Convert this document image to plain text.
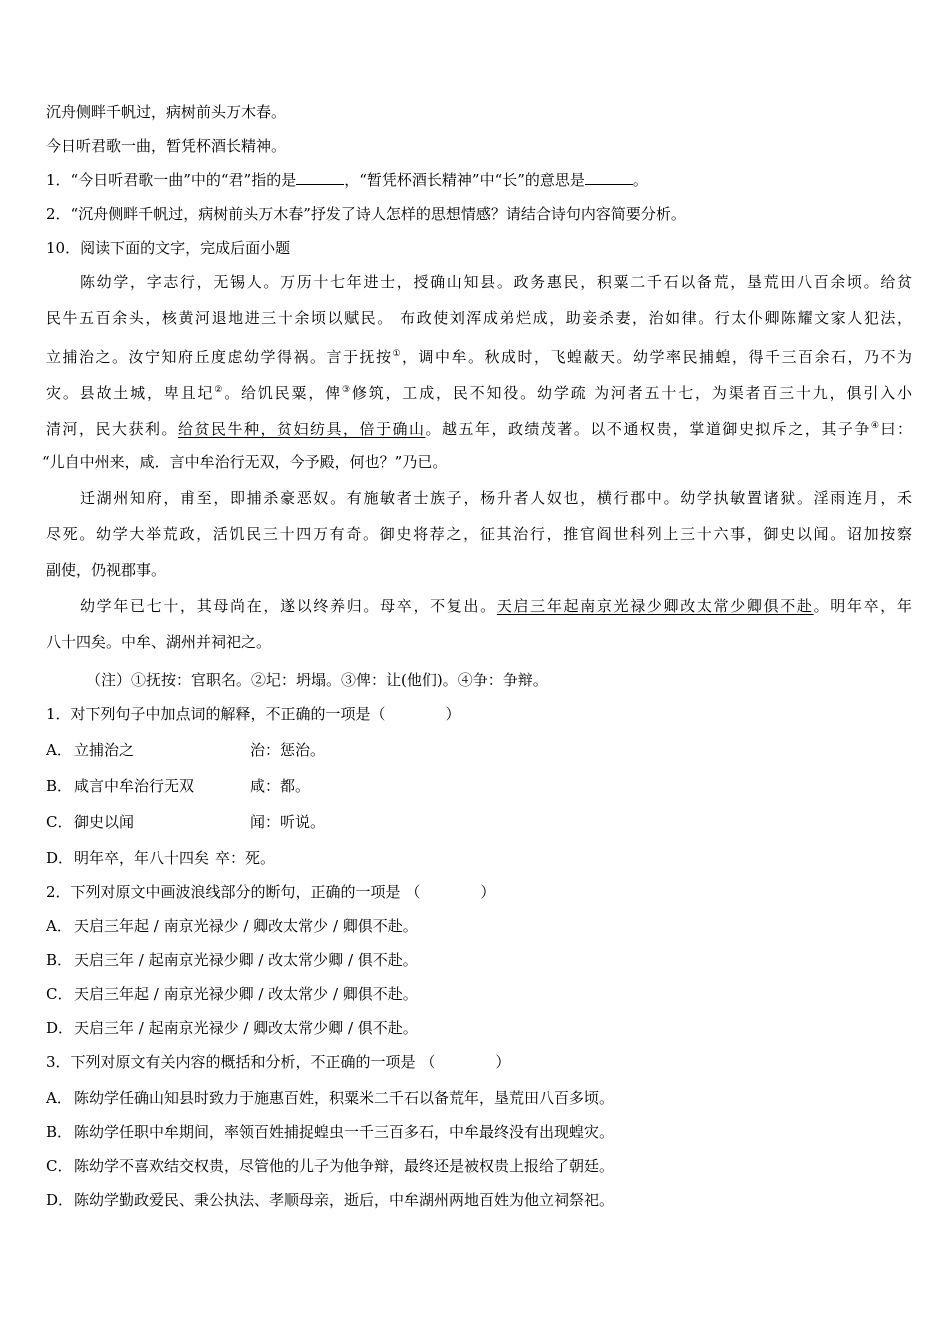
沉舟侧畔千帆过，病树前头万木春。
今日听君歌一曲，暂凭杯酒长精神。
1．“今日听君歌一曲”中的“君”指的是	，“暂凭杯酒长精神”中“长”的意思是	。
2．“沉舟侧畔千帆过，病树前头万木春”抒发了诗人怎样的思想情感？请结合诗句内容简要分析。
10．阅读下面的文字，完成后面小题
陈幼学，字志行，无锡人。万历十七年进士，授确山知县。政务惠民，积粟二千石以备荒，垦荒田八百余顷。给贫
民牛五百余头，核黄河退地进三十余顷以赋民。 布政使刘浑成弟烂成，助妾杀妻，治如律。行太仆卿陈耀文家人犯法，
立捕治之。汝宁知府丘度虑幼学得祸。言于抚按①，调中牟。秋成时，飞蝗蔽天。幼学率民捕蝗，得千三百余石，乃不为
灾。县故土城，卑且圮②。给饥民粟，俾③修筑，工成，民不知役。幼学疏 为河者五十七，为渠者百三十九，俱引入小
清河，民大获利。给贫民牛种，贫妇纺具，倍于确山。越五年，政绩茂著。以不通权贵，掌道御史拟斥之，其子争④曰：
“儿自中州来，咸．言中牟治行无双，今予殿，何也？”乃已。
迁湖州知府，甫至，即捕杀豪恶奴。有施敏者士族子，杨升者人奴也，横行郡中。幼学执敏置诸狱。淫雨连月，禾
尽死。幼学大举荒政，活饥民三十四万有奇。御史将荐之，征其治行，推官阎世科列上三十六事，御史以闻。诏加按察
副使，仍视郡事。
幼学年已七十，其母尚在，遂以终养归。母卒，不复出。天启三年起南京光禄少卿改太常少卿俱不赴。明年卒，年
八十四矣。中牟、湖州并祠祀之。
（注）①抚按：官职名。②圮：坍塌。③俾：让(他们)。④争：争辩。
1．对下列句子中加点词的解释，不正确的一项是（	）
A． 立捕治之	治：惩治。
B． 咸言中牟治行无双	咸：都。
C． 御史以闻	闻：听说。
D．明年卒，年八十四矣 卒：死。
2．下列对原文中画波浪线部分的断句，正确的一项是 （	）
A． 天启三年起 / 南京光禄少 / 卿改太常少 / 卿俱不赴。
B． 天启三年 / 起南京光禄少卿 / 改太常少卿 / 俱不赴。
C． 天启三年起 / 南京光禄少卿 / 改太常少 / 卿俱不赴。
D．天启三年 / 起南京光禄少 / 卿改太常少卿 / 俱不赴。
3．下列对原文有关内容的概括和分析，不正确的一项是 （	）
A． 陈幼学任确山知县时致力于施惠百姓，积粟米二千石以备荒年，垦荒田八百多顷。
B． 陈幼学任职中牟期间，率领百姓捕捉蝗虫一千三百多石，中牟最终没有出现蝗灾。
C． 陈幼学不喜欢结交权贵，尽管他的儿子为他争辩，最终还是被权贵上报给了朝廷。
D．陈幼学勤政爱民、秉公执法、孝顺母亲，逝后，中牟湖州两地百姓为他立祠祭祀。
